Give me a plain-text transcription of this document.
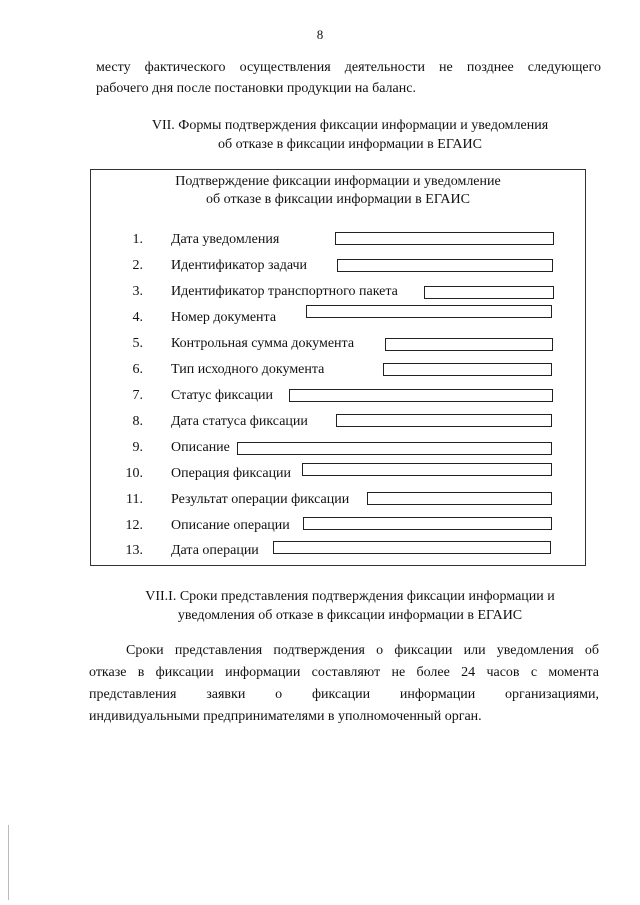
8
месту фактического осуществления деятельности не позднее следующего
рабочего дня после постановки продукции на баланс.
VII. Формы подтверждения фиксации информации и уведомления
об отказе в фиксации информации в ЕГАИС
Подтверждение фиксации информации и уведомление
об отказе в фиксации информации в ЕГАИС
1. Дата уведомления
2. Идентификатор задачи
3. Идентификатор транспортного пакета
4. Номер документа
5. Контрольная сумма документа
6. Тип исходного документа
7. Статус фиксации
8. Дата статуса фиксации
9. Описание
10. Операция фиксации
11. Результат операции фиксации
12. Описание операции
13. Дата операции
VII.I. Сроки представления подтверждения фиксации информации и
уведомления об отказе в фиксации информации в ЕГАИС
Сроки представления подтверждения о фиксации или уведомления об
отказе в фиксации информации составляют не более 24 часов с момента
представления заявки о фиксации информации организациями,
индивидуальными предпринимателями в уполномоченный орган.
